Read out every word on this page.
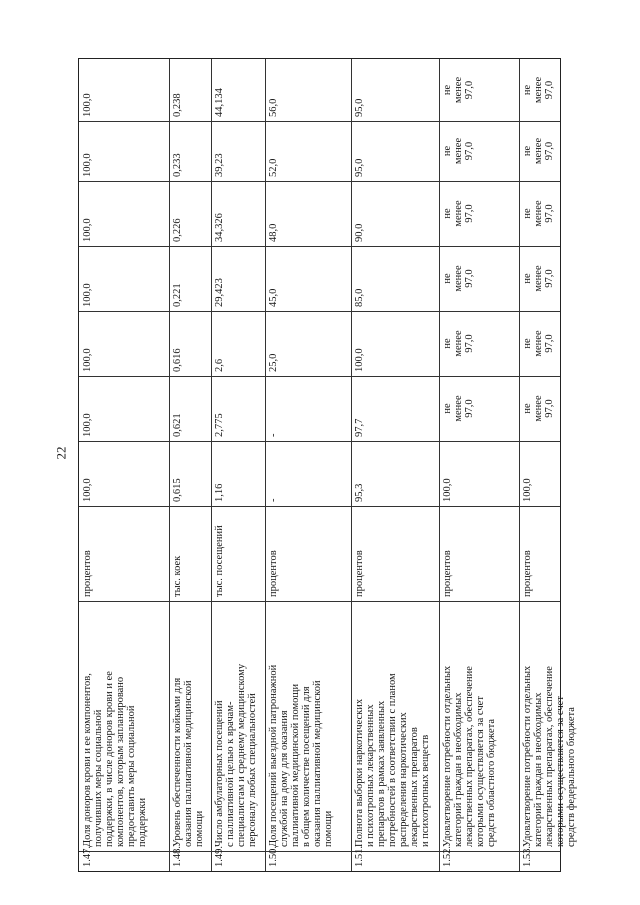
22
1.47.
Доля доноров крови и ее компонентов, получивших меры социальной поддержки, в числе доноров крови и ее компонентов, которым запланировано предоставить меры социальной поддержки
процентов
100,0
100,0
100,0
100,0
100,0
100,0
100,0
1.48.
Уровень обеспеченности койками для оказания паллиативной медицинской помощи
тыс. коек
0,615
0,621
0,616
0,221
0,226
0,233
0,238
1.49.
Число амбулаторных посещений с паллиативной целью к врачам- специалистам и среднему медицинскому персоналу любых специальностей
тыс. посещений
1,16
2,775
2,6
29,423
34,326
39,23
44,134
1.50.
Доля посещений выездной патронажной службой на дому для оказания паллиативной медицинской помощи в общем количестве посещений для оказания паллиативной медицинской помощи
процентов
-
-
25,0
45,0
48,0
52,0
56,0
1.51.
Полнота выборки наркотических и психотропных лекарственных препаратов в рамках заявленных потребностей в соответствии с планом распределения наркотических лекарственных препаратов и психотропных веществ
процентов
95,3
97,7
100,0
85,0
90,0
95,0
95,0
1.52.
Удовлетворение потребности отдельных категорий граждан в необходимых лекарственных препаратах, обеспечение которыми осуществляется за счет средств областного бюджета
процентов
100,0
не менее 97,0
не менее 97,0
не менее 97,0
не менее 97,0
не менее 97,0
не менее 97,0
1.53.
Удовлетворение потребности отдельных категорий граждан в необходимых лекарственных препаратах, обеспечение которыми осуществляется за счет средств федерального бюджета
процентов
100,0
не менее 97,0
не менее 97,0
не менее 97,0
не менее 97,0
не менее 97,0
не менее 97,0
